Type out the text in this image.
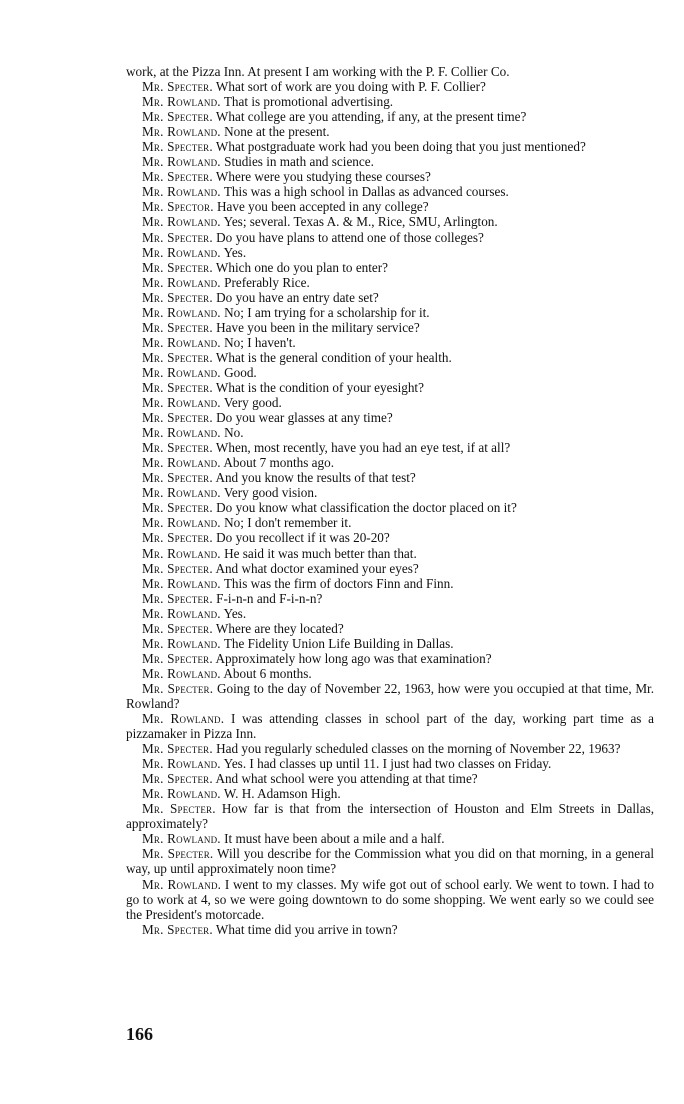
work, at the Pizza Inn. At present I am working with the P. F. Collier Co.

Mr. Specter. What sort of work are you doing with P. F. Collier?

Mr. Rowland. That is promotional advertising.

Mr. Specter. What college are you attending, if any, at the present time?

Mr. Rowland. None at the present.

Mr. Specter. What postgraduate work had you been doing that you just mentioned?

Mr. Rowland. Studies in math and science.

Mr. Specter. Where were you studying these courses?

Mr. Rowland. This was a high school in Dallas as advanced courses.

Mr. Spector. Have you been accepted in any college?

Mr. Rowland. Yes; several. Texas A. & M., Rice, SMU, Arlington.

Mr. Specter. Do you have plans to attend one of those colleges?

Mr. Rowland. Yes.

Mr. Specter. Which one do you plan to enter?

Mr. Rowland. Preferably Rice.

Mr. Specter. Do you have an entry date set?

Mr. Rowland. No; I am trying for a scholarship for it.

Mr. Specter. Have you been in the military service?

Mr. Rowland. No; I haven't.

Mr. Specter. What is the general condition of your health.

Mr. Rowland. Good.

Mr. Specter. What is the condition of your eyesight?

Mr. Rowland. Very good.

Mr. Specter. Do you wear glasses at any time?

Mr. Rowland. No.

Mr. Specter. When, most recently, have you had an eye test, if at all?

Mr. Rowland. About 7 months ago.

Mr. Specter. And you know the results of that test?

Mr. Rowland. Very good vision.

Mr. Specter. Do you know what classification the doctor placed on it?

Mr. Rowland. No; I don't remember it.

Mr. Specter. Do you recollect if it was 20-20?

Mr. Rowland. He said it was much better than that.

Mr. Specter. And what doctor examined your eyes?

Mr. Rowland. This was the firm of doctors Finn and Finn.

Mr. Specter. F-i-n-n and F-i-n-n?

Mr. Rowland. Yes.

Mr. Specter. Where are they located?

Mr. Rowland. The Fidelity Union Life Building in Dallas.

Mr. Specter. Approximately how long ago was that examination?

Mr. Rowland. About 6 months.

Mr. Specter. Going to the day of November 22, 1963, how were you occupied at that time, Mr. Rowland?

Mr. Rowland. I was attending classes in school part of the day, working part time as a pizzamaker in Pizza Inn.

Mr. Specter. Had you regularly scheduled classes on the morning of November 22, 1963?

Mr. Rowland. Yes. I had classes up until 11. I just had two classes on Friday.

Mr. Specter. And what school were you attending at that time?

Mr. Rowland. W. H. Adamson High.

Mr. Specter. How far is that from the intersection of Houston and Elm Streets in Dallas, approximately?

Mr. Rowland. It must have been about a mile and a half.

Mr. Specter. Will you describe for the Commission what you did on that morning, in a general way, up until approximately noon time?

Mr. Rowland. I went to my classes. My wife got out of school early. We went to town. I had to go to work at 4, so we were going downtown to do some shopping. We went early so we could see the President's motorcade.

Mr. Specter. What time did you arrive in town?

166
